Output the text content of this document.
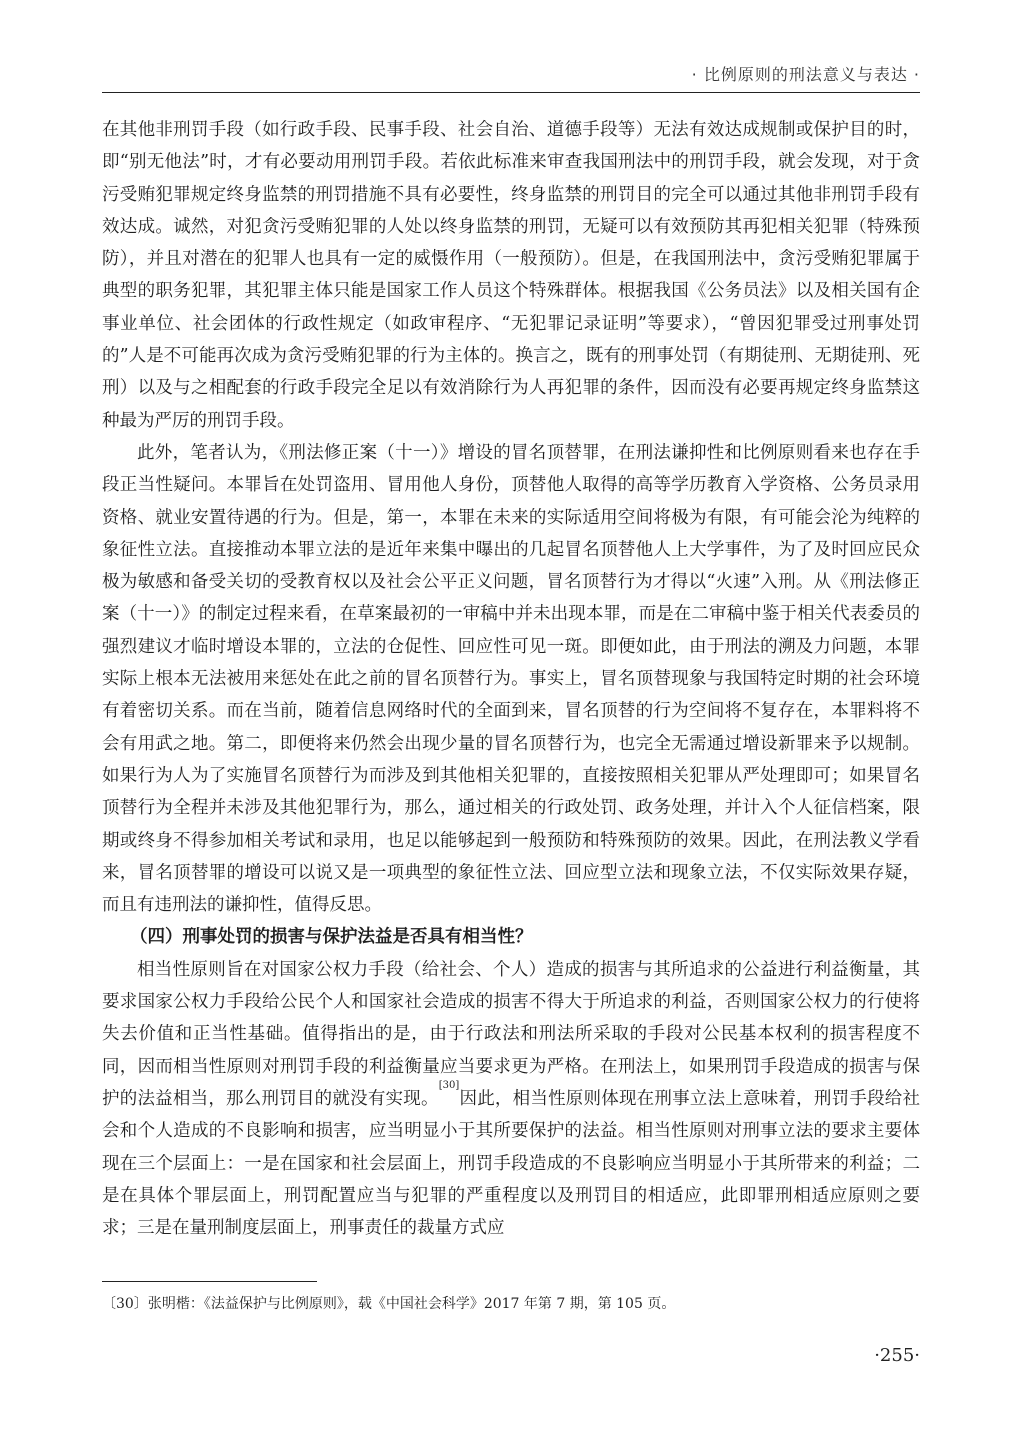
· 比例原则的刑法意义与表达 ·

在其他非刑罚手段（如行政手段、民事手段、社会自治、道德手段等）无法有效达成规制或保护目的时，即“别无他法”时，才有必要动用刑罚手段。若依此标准来审查我国刑法中的刑罚手段，就会发现，对于贪污受贿犯罪规定终身监禁的刑罚措施不具有必要性，终身监禁的刑罚目的完全可以通过其他非刑罚手段有效达成。诚然，对犯贪污受贿犯罪的人处以终身监禁的刑罚，无疑可以有效预防其再犯相关犯罪（特殊预防），并且对潜在的犯罪人也具有一定的威慑作用（一般预防）。但是，在我国刑法中，贪污受贿犯罪属于典型的职务犯罪，其犯罪主体只能是国家工作人员这个特殊群体。根据我国《公务员法》以及相关国有企事业单位、社会团体的行政性规定（如政审程序、“无犯罪记录证明”等要求），“曾因犯罪受过刑事处罚的”人是不可能再次成为贪污受贿犯罪的行为主体的。换言之，既有的刑事处罚（有期徒刑、无期徒刑、死刑）以及与之相配套的行政手段完全足以有效消除行为人再犯罪的条件，因而没有必要再规定终身监禁这种最为严厉的刑罚手段。

此外，笔者认为，《刑法修正案（十一）》增设的冒名顶替罪，在刑法谦抑性和比例原则看来也存在手段正当性疑问。本罪旨在处罚盗用、冒用他人身份，顶替他人取得的高等学历教育入学资格、公务员录用资格、就业安置待遇的行为。但是，第一，本罪在未来的实际适用空间将极为有限，有可能会沦为纯粹的象征性立法。直接推动本罪立法的是近年来集中曝出的几起冒名顶替他人上大学事件，为了及时回应民众极为敏感和备受关切的受教育权以及社会公平正义问题，冒名顶替行为才得以“火速”入刑。从《刑法修正案（十一）》的制定过程来看，在草案最初的一审稿中并未出现本罪，而是在二审稿中鉴于相关代表委员的强烈建议才临时增设本罪的，立法的仓促性、回应性可见一斑。即便如此，由于刑法的溯及力问题，本罪实际上根本无法被用来惩处在此之前的冒名顶替行为。事实上，冒名顶替现象与我国特定时期的社会环境有着密切关系。而在当前，随着信息网络时代的全面到来，冒名顶替的行为空间将不复存在，本罪料将不会有用武之地。第二，即便将来仍然会出现少量的冒名顶替行为，也完全无需通过增设新罪来予以规制。如果行为人为了实施冒名顶替行为而涉及到其他相关犯罪的，直接按照相关犯罪从严处理即可；如果冒名顶替行为全程并未涉及其他犯罪行为，那么，通过相关的行政处罚、政务处理，并计入个人征信档案，限期或终身不得参加相关考试和录用，也足以能够起到一般预防和特殊预防的效果。因此，在刑法教义学看来，冒名顶替罪的增设可以说又是一项典型的象征性立法、回应型立法和现象立法，不仅实际效果存疑，而且有违刑法的谦抑性，值得反思。

（四）刑事处罚的损害与保护法益是否具有相当性？

相当性原则旨在对国家公权力手段（给社会、个人）造成的损害与其所追求的公益进行利益衡量，其要求国家公权力手段给公民个人和国家社会造成的损害不得大于所追求的利益，否则国家公权力的行使将失去价值和正当性基础。值得指出的是，由于行政法和刑法所采取的手段对公民基本权利的损害程度不同，因而相当性原则对刑罚手段的利益衡量应当要求更为严格。在刑法上，如果刑罚手段造成的损害与保护的法益相当，那么刑罚目的就没有实现。[30]因此，相当性原则体现在刑事立法上意味着，刑罚手段给社会和个人造成的不良影响和损害，应当明显小于其所要保护的法益。相当性原则对刑事立法的要求主要体现在三个层面上：一是在国家和社会层面上，刑罚手段造成的不良影响应当明显小于其所带来的利益；二是在具体个罪层面上，刑罚配置应当与犯罪的严重程度以及刑罚目的相适应，此即罪刑相适应原则之要求；三是在量刑制度层面上，刑事责任的裁量方式应

〔30〕张明楷：《法益保护与比例原则》，载《中国社会科学》2017 年第 7 期，第 105 页。
·255·
